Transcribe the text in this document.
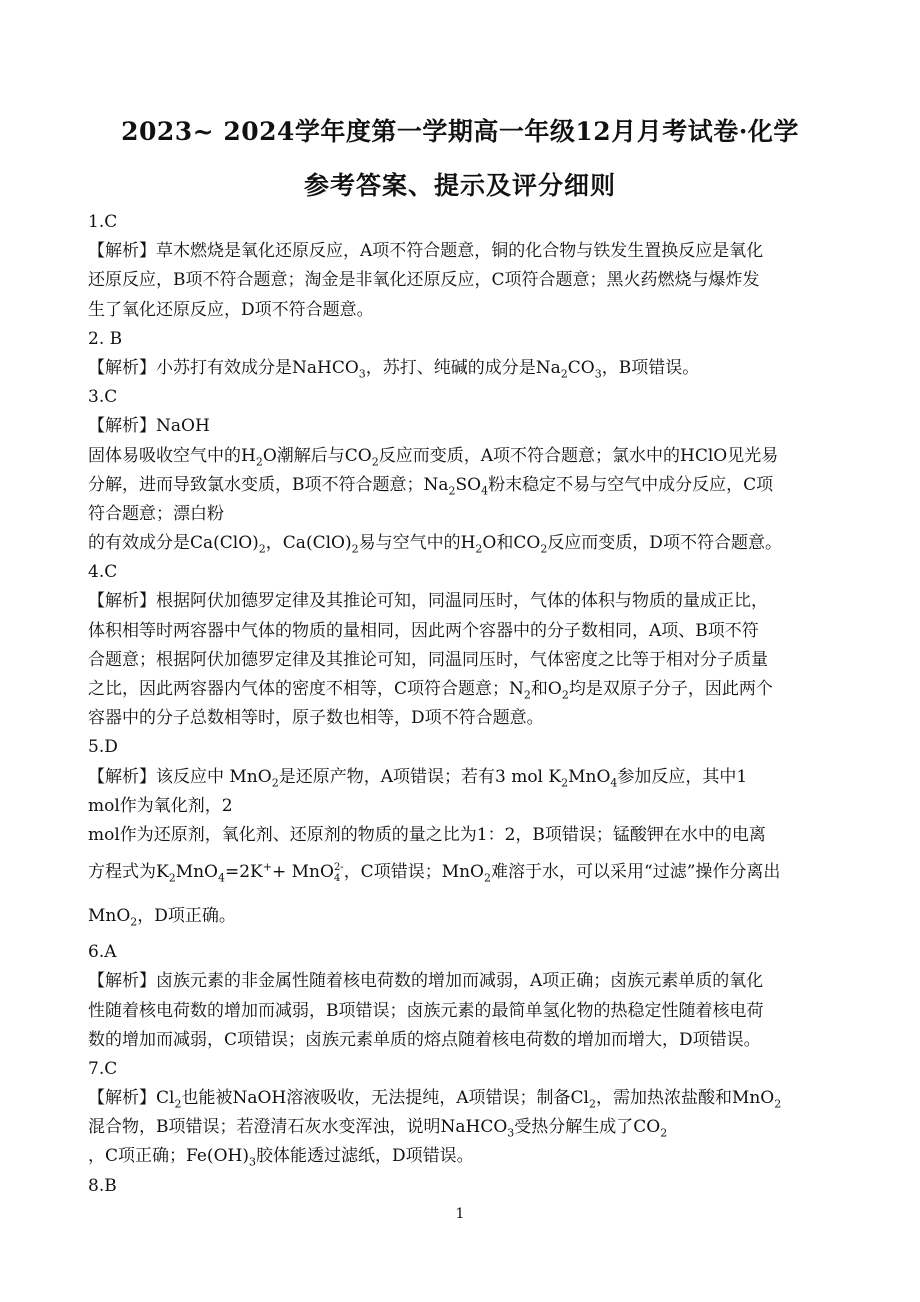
2023~ 2024学年度第一学期高一年级12月月考试卷·化学
参考答案、提示及评分细则
1.C
【解析】草木燃烧是氧化还原反应，A项不符合题意，铜的化合物与铁发生置换反应是氧化
还原反应，B项不符合题意；淘金是非氧化还原反应，C项符合题意；黑火药燃烧与爆炸发
生了氧化还原反应，D项不符合题意。
2. B
【解析】小苏打有效成分是NaHCO$_3$，苏打、纯碱的成分是$Na_2CO_3$，B项错误。
3.C
【解析】NaOH
固体易吸收空气中的$H_2O$潮解后与$CO_2$反应而变质，A项不符合题意；氯水中的HClO见光易
分解，进而导致氯水变质，B项不符合题意；$Na_2SO_4$粉末稳定不易与空气中成分反应，C项
符合题意；漂白粉
的有效成分是$Ca(ClO)_2$，$Ca(ClO)_2$易与空气中的$H_2O$和$CO_2$反应而变质，D项不符合题意。
4.C
【解析】根据阿伏加德罗定律及其推论可知，同温同压时，气体的体积与物质的量成正比，
体积相等时两容器中气体的物质的量相同，因此两个容器中的分子数相同，A项、B项不符
合题意；根据阿伏加德罗定律及其推论可知，同温同压时，气体密度之比等于相对分子质量
之比，因此两容器内气体的密度不相等，C项符合题意；$N_2$和$O_2$均是双原子分子，因此两个
容器中的分子总数相等时，原子数也相等，D项不符合题意。
5.D
【解析】该反应中 MnO$_2$是还原产物，A项错误；若有3 mol $K_2MnO_4$参加反应，其中1
mol作为氧化剂，2
mol作为还原剂，氧化剂、还原剂的物质的量之比为1：2，B项错误；锰酸钾在水中的电离
方程式为$K_2MnO_4=2K^++$ MnO 2-
4 ，C项错误；MnO$_2$难溶于水，可以采用“过滤”操作分离出
MnO$_2$，D项正确。
6.A
【解析】卤族元素的非金属性随着核电荷数的增加而减弱，A项正确；卤族元素单质的氧化
性随着核电荷数的增加而减弱，B项错误；卤族元素的最简单氢化物的热稳定性随着核电荷
数的增加而减弱，C项错误；卤族元素单质的熔点随着核电荷数的增加而增大，D项错误。
7.C
【解析】$Cl_2$也能被NaOH溶液吸收，无法提纯，A项错误；制备$Cl_2$，需加热浓盐酸和MnO$_2$
混合物，B项错误；若澄清石灰水变浑浊，说明NaHCO$_3$受热分解生成了$CO_2$
，C项正确；$Fe(OH)_3$胶体能透过滤纸，D项错误。
8.B
1
